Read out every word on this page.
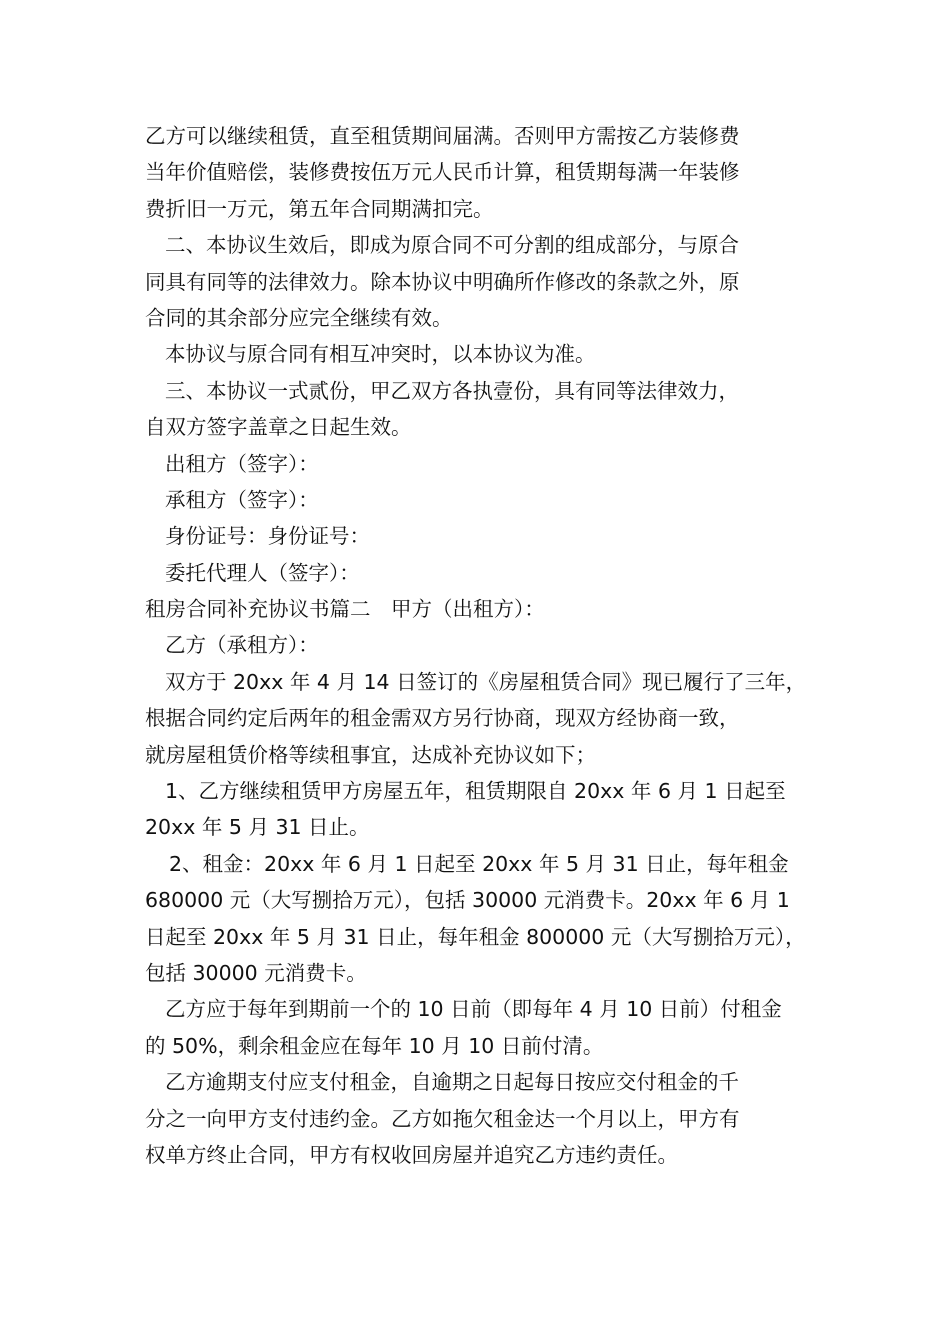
乙方可以继续租赁，直至租赁期间届满。否则甲方需按乙方装修费
当年价值赔偿，装修费按伍万元人民币计算，租赁期每满一年装修
费折旧一万元，第五年合同期满扣完。
二、本协议生效后，即成为原合同不可分割的组成部分，与原合
同具有同等的法律效力。除本协议中明确所作修改的条款之外，原
合同的其余部分应完全继续有效。
本协议与原合同有相互冲突时，以本协议为准。
三、本协议一式贰份，甲乙双方各执壹份，具有同等法律效力，
自双方签字盖章之日起生效。
出租方（签字）：
承租方（签字）：
身份证号：身份证号：
委托代理人（签字）：
租房合同补充协议书篇二　甲方（出租方）：
乙方（承租方）：
双方于 20xx 年 4 月 14 日签订的《房屋租赁合同》现已履行了三年，
根据合同约定后两年的租金需双方另行协商，现双方经协商一致，
就房屋租赁价格等续租事宜，达成补充协议如下；
1、乙方继续租赁甲方房屋五年，租赁期限自 20xx 年 6 月 1 日起至
20xx 年 5 月 31 日止。
2、租金：20xx 年 6 月 1 日起至 20xx 年 5 月 31 日止，每年租金
680000 元（大写捌拾万元），包括 30000 元消费卡。20xx 年 6 月 1
日起至 20xx 年 5 月 31 日止，每年租金 800000 元（大写捌拾万元），
包括 30000 元消费卡。
乙方应于每年到期前一个的 10 日前（即每年 4 月 10 日前）付租金
的 50%，剩余租金应在每年 10 月 10 日前付清。
乙方逾期支付应支付租金，自逾期之日起每日按应交付租金的千
分之一向甲方支付违约金。乙方如拖欠租金达一个月以上，甲方有
权单方终止合同，甲方有权收回房屋并追究乙方违约责任。
